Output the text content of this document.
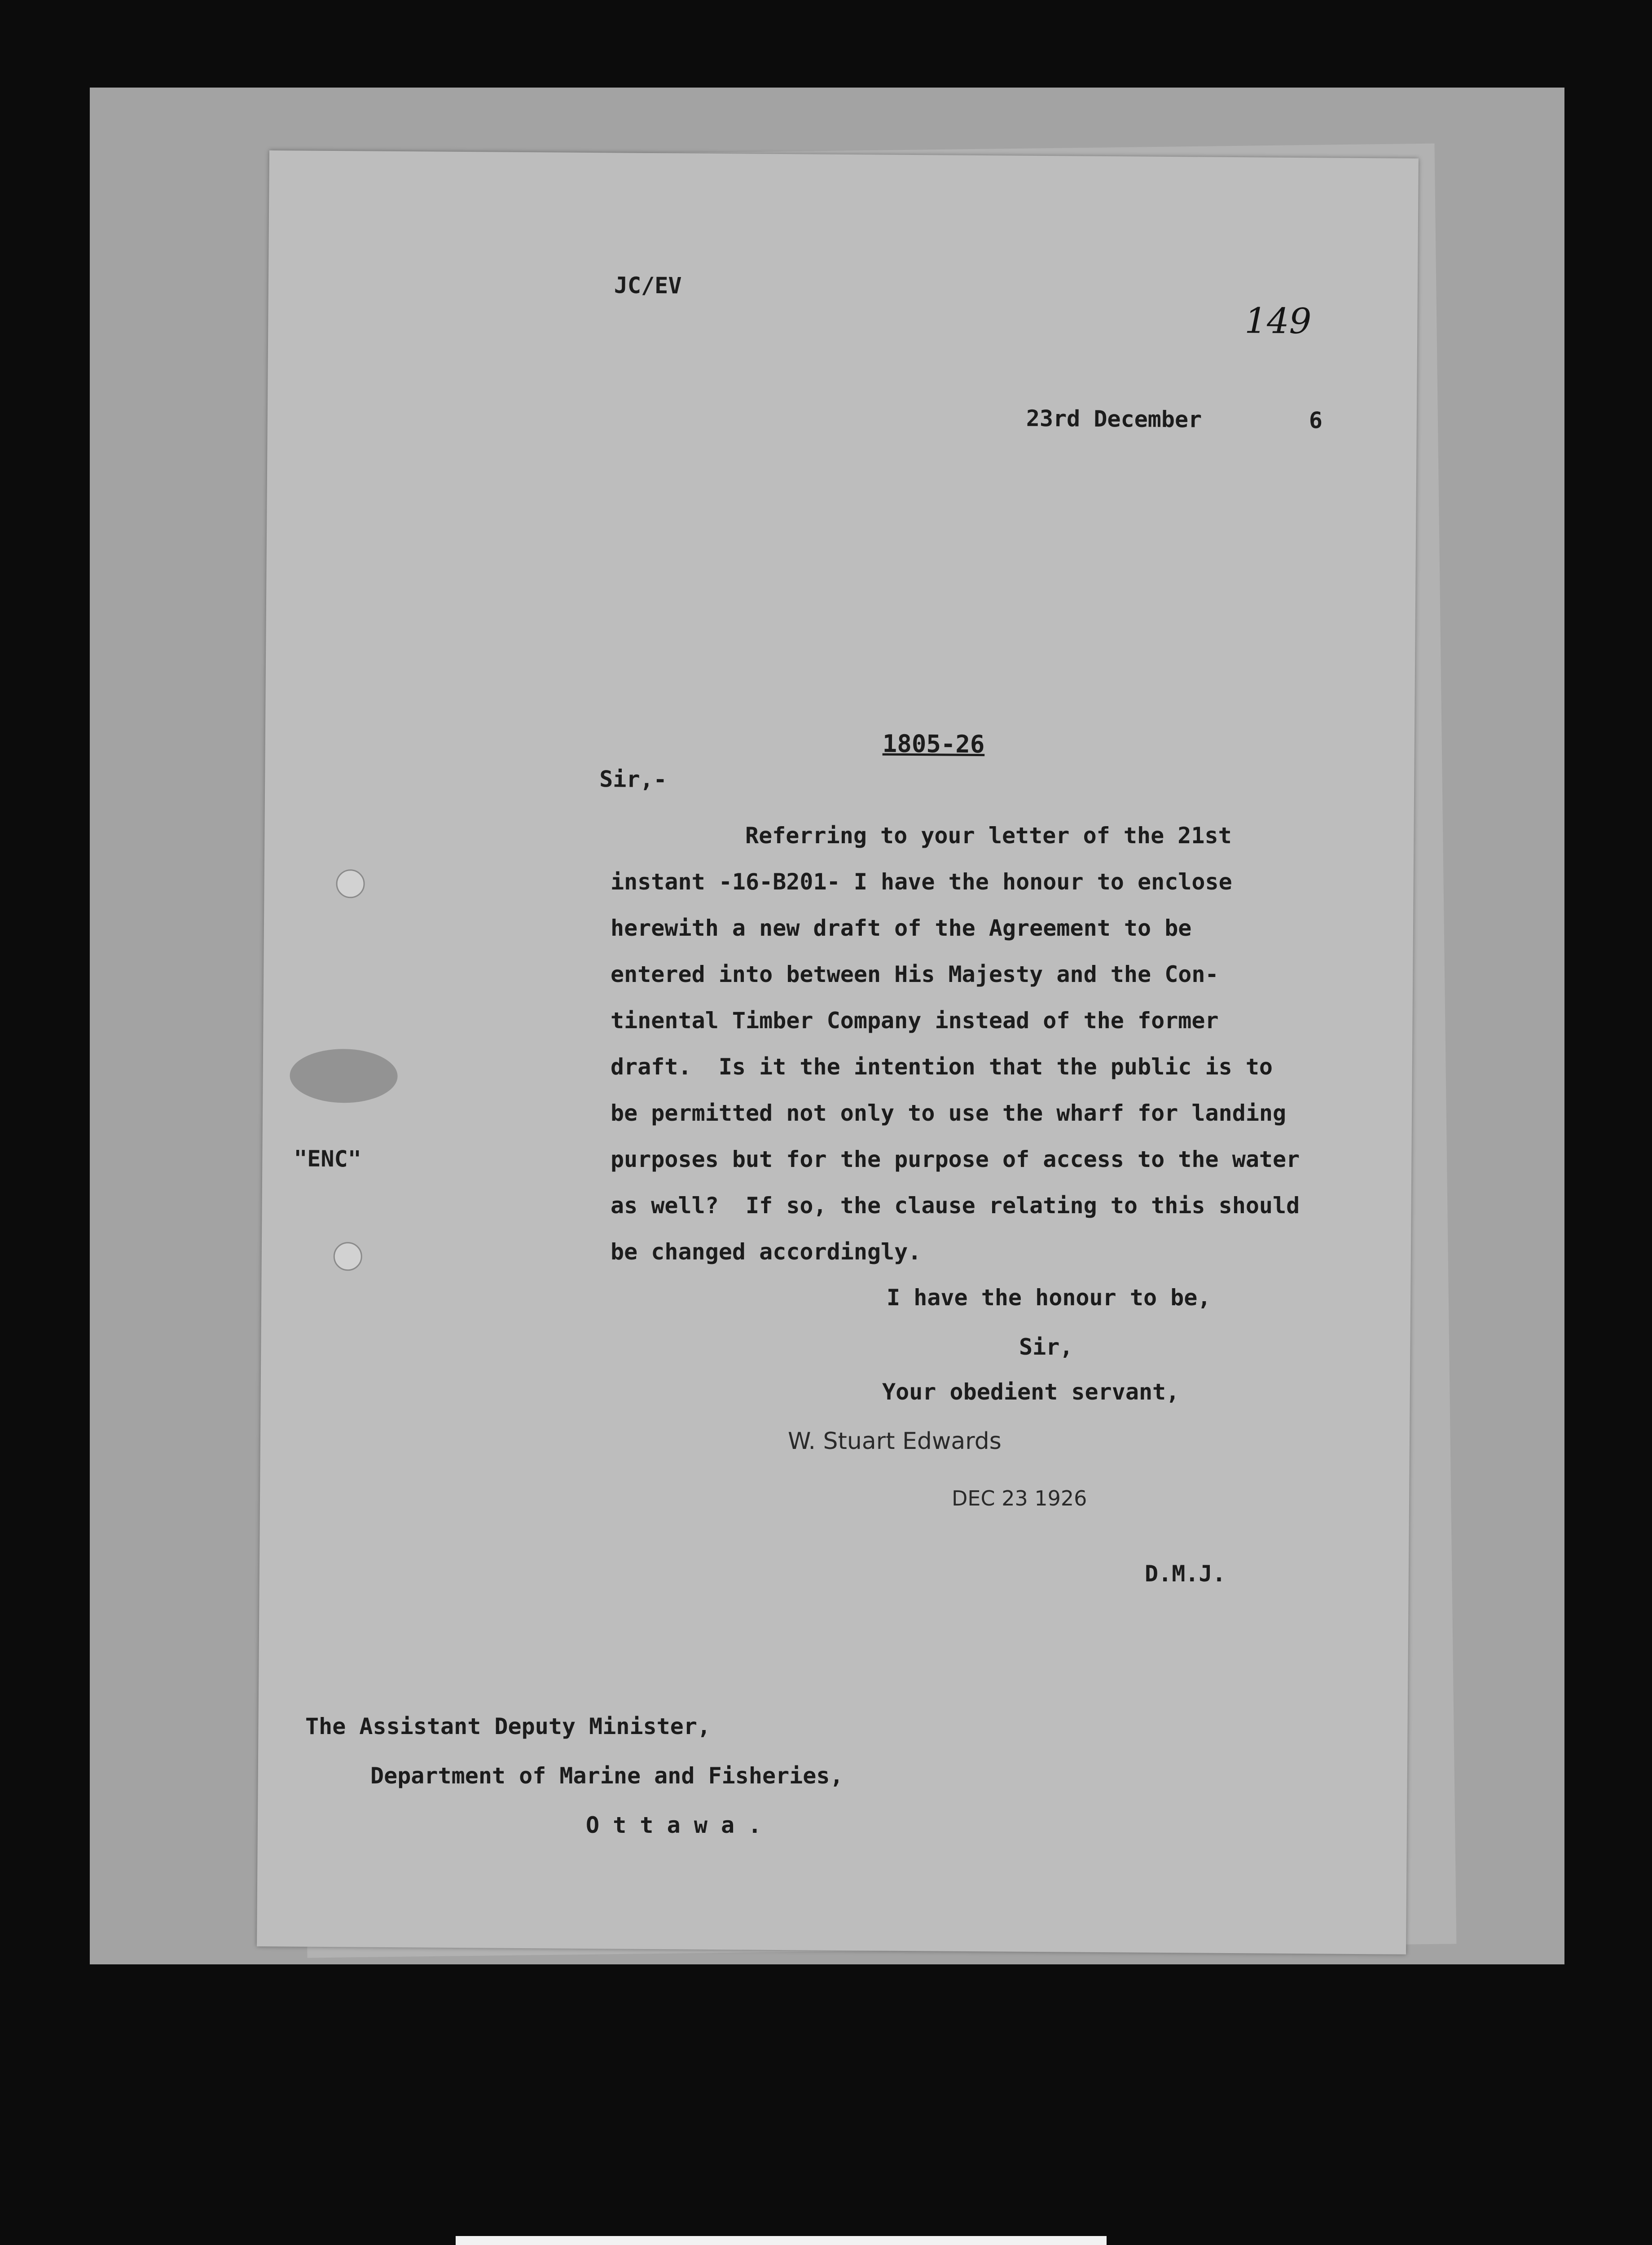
JC/EV
149
23rd December	6
1805-26
Sir,-
"ENC"
Referring to your letter of the 21st
instant -16-B201- I have the honour to enclose
herewith a new draft of the Agreement to be
entered into between His Majesty and the Con-
tinental Timber Company instead of the former
draft.  Is it the intention that the public is to
be permitted not only to use the wharf for landing
purposes but for the purpose of access to the water
as well?  If so, the clause relating to this should
be changed accordingly.
I have the honour to be,
Sir,
Your obedient servant,
W. Stuart Edwards
DEC 23 1926
D.M.J.
The Assistant Deputy Minister,
Department of Marine and Fisheries,
O t t a w a .
